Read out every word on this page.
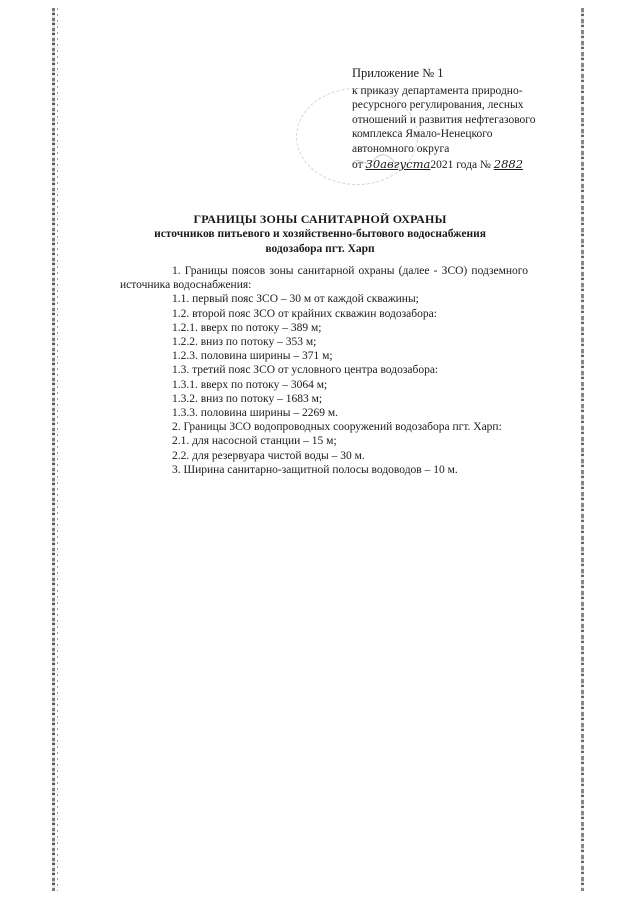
Приложение № 1
к приказу департамента природно-
ресурсного регулирования, лесных
отношений и развития нефтегазового
комплекса Ямало-Ненецкого
автономного округа
от 30августа2021 года № 2882

ГРАНИЦЫ ЗОНЫ САНИТАРНОЙ ОХРАНЫ

источников питьевого и хозяйственно-бытового водоснабжения

водозабора пгт. Харп

1. Границы поясов зоны санитарной охраны (далее - ЗСО) подземного источника водоснабжения:

1.1. первый пояс ЗСО – 30 м от каждой скважины;

1.2. второй пояс ЗСО от крайних скважин водозабора:

1.2.1. вверх по потоку – 389 м;

1.2.2. вниз по потоку – 353 м;

1.2.3. половина ширины – 371 м;

1.3. третий пояс ЗСО от условного центра водозабора:

1.3.1. вверх по потоку – 3064 м;

1.3.2. вниз по потоку – 1683 м;

1.3.3. половина ширины – 2269 м.

2. Границы ЗСО водопроводных сооружений водозабора пгт. Харп:

2.1. для насосной станции – 15 м;

2.2. для резервуара чистой воды – 30 м.

3. Ширина санитарно-защитной полосы водоводов – 10 м.
